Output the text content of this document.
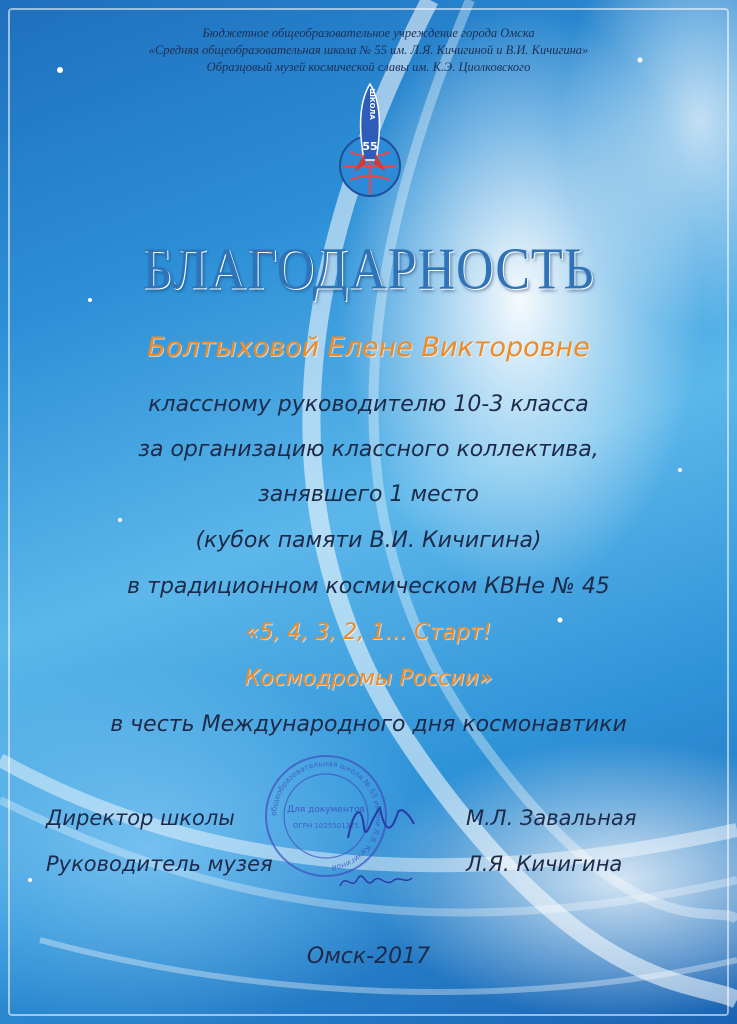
Бюджетное общеобразовательное учреждение города Омска
«Средняя общеобразовательная школа № 55 им. Л.Я. Кичигиной и В.И. Кичигина»
Образцовый музей космической славы им. К.Э. Циолковского
ШКОЛА
55
БЛАГОДАРНОСТЬ
Болтыховой Елене Викторовне
классному руководителю 10-3 класса
за организацию классного коллектива,
занявшего 1 место
(кубок памяти В.И. Кичигина)
в традиционном космическом КВНе № 45
«5, 4, 3, 2, 1… Старт!
Космодромы России»
в честь Международного дня космонавтики
общеобразовательная школа № 55 имени Л.Я. Кичигиной
Для документов
ОГРН 1025501375
Директор школы	М.Л. Завальная
Руководитель музея	Л.Я. Кичигина
Омск-2017
